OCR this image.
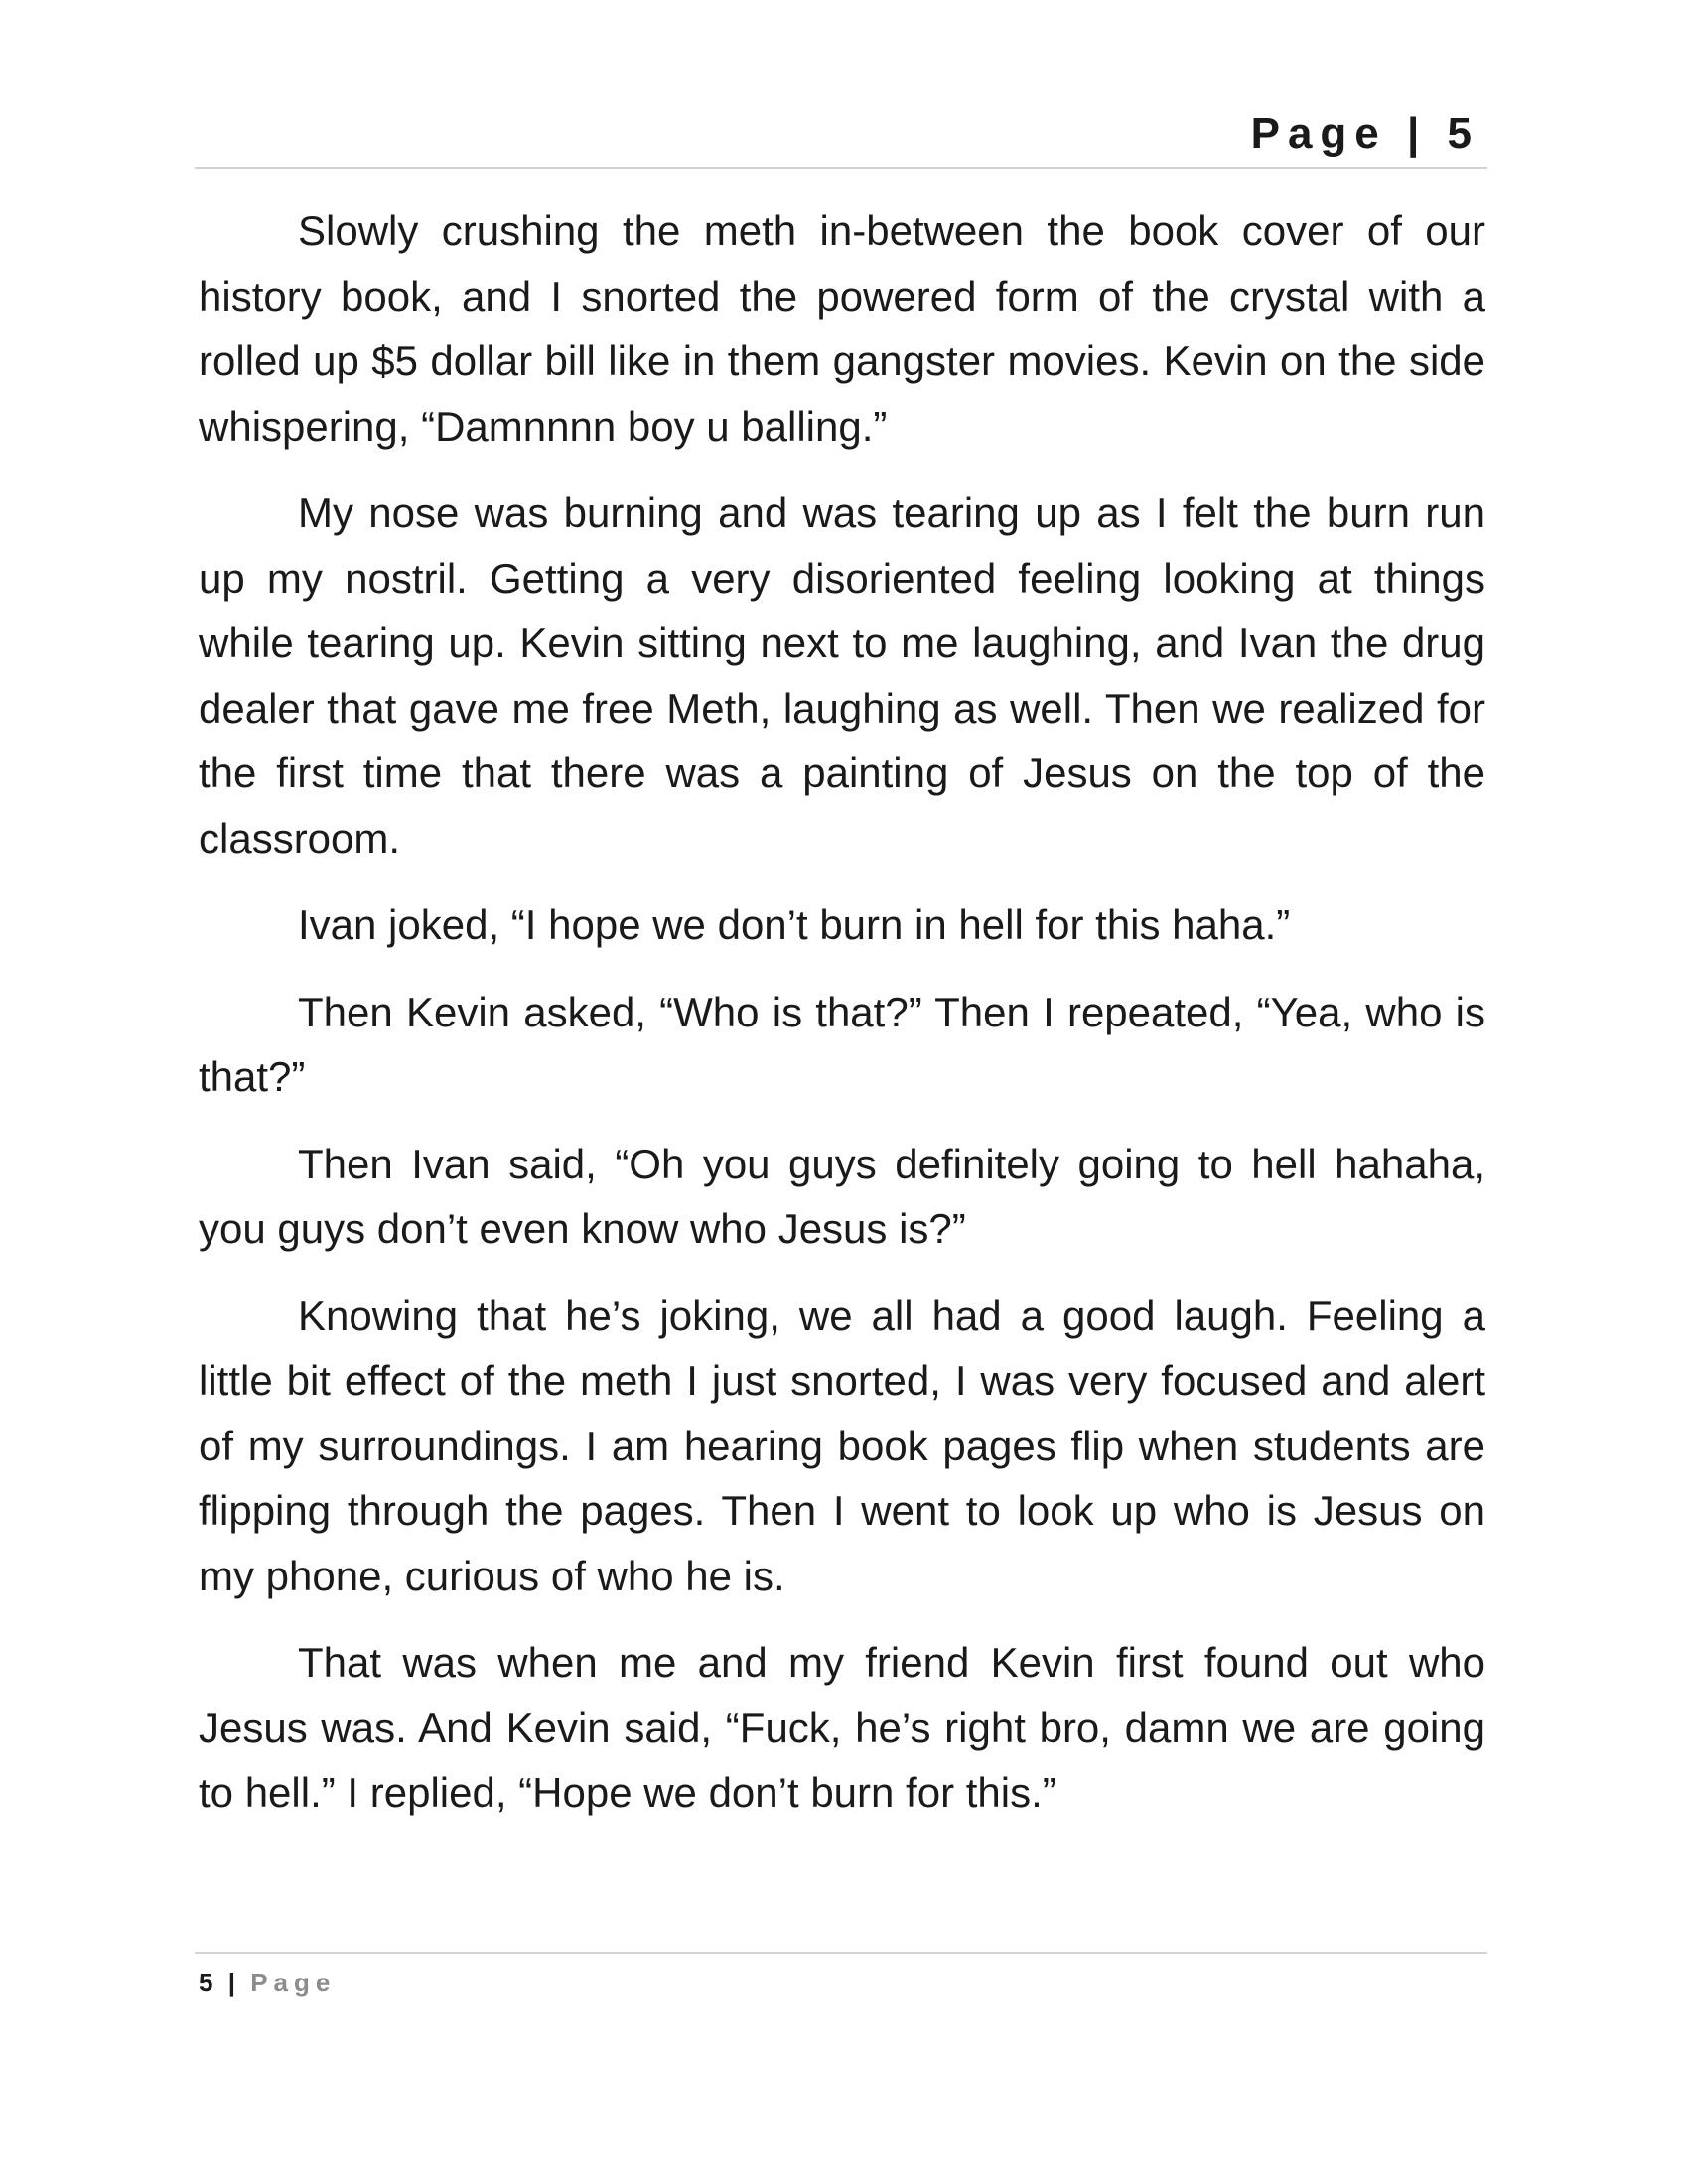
Page | 5

Slowly crushing the meth in-between the book cover of our history book, and I snorted the powered form of the crystal with a rolled up $5 dollar bill like in them gangster movies. Kevin on the side whispering, “Damnnnn boy u balling.”

My nose was burning and was tearing up as I felt the burn run up my nostril. Getting a very disoriented feeling looking at things while tearing up. Kevin sitting next to me laughing, and Ivan the drug dealer that gave me free Meth, laughing as well. Then we realized for the first time that there was a painting of Jesus on the top of the classroom.

Ivan joked, “I hope we don’t burn in hell for this haha.”

Then Kevin asked, “Who is that?” Then I repeated, “Yea, who is that?”

Then Ivan said, “Oh you guys definitely going to hell hahaha, you guys don’t even know who Jesus is?”

Knowing that he’s joking, we all had a good laugh. Feeling a little bit effect of the meth I just snorted, I was very focused and alert of my surroundings. I am hearing book pages flip when students are flipping through the pages. Then I went to look up who is Jesus on my phone, curious of who he is.

That was when me and my friend Kevin first found out who Jesus was. And Kevin said, “Fuck, he’s right bro, damn we are going to hell.” I replied, “Hope we don’t burn for this.”

5 | Page
